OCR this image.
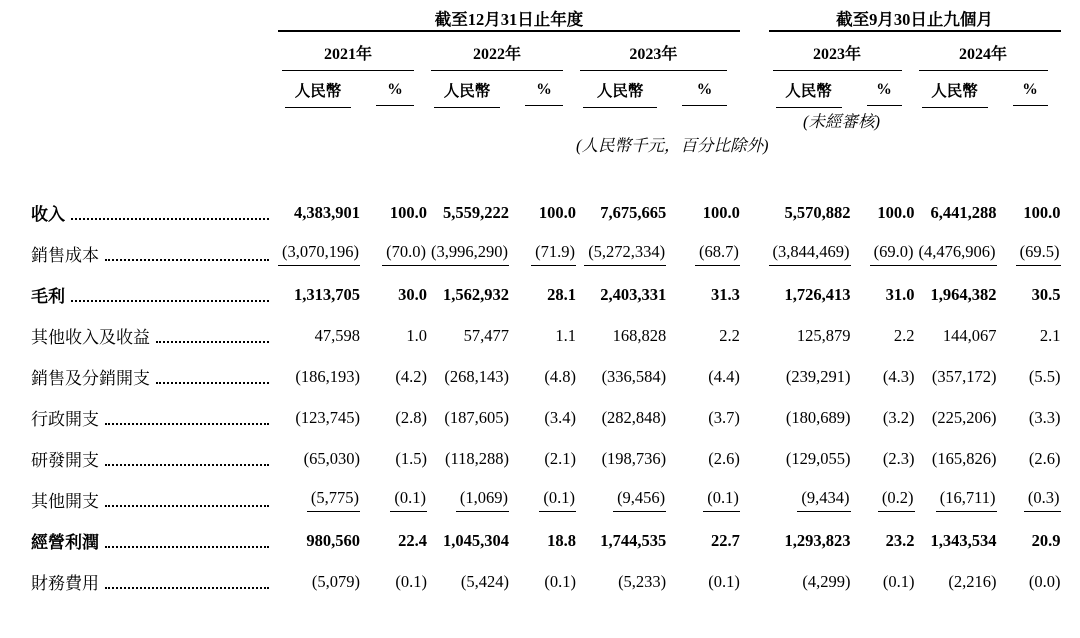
	截至12月31日止年度							截至9月30日止九個月			

	2021年		2022年		2023年			2023年		2024年	

	人民幣	%	人民幣	%	人民幣	%		人民幣	%	人民幣	%

								(未經審核)			
					(人民幣千元，百分比除外)						

收入	4,383,901	100.0	5,559,222	100.0	7,675,665	100.0		5,570,882	100.0	6,441,288	100.0

銷售成本	(3,070,196)	(70.0)	(3,996,290)	(71.9)	(5,272,334)	(68.7)		(3,844,469)	(69.0)	(4,476,906)	(69.5)

毛利	1,313,705	30.0	1,562,932	28.1	2,403,331	31.3		1,726,413	31.0	1,964,382	30.5

其他收入及收益	47,598	1.0	57,477	1.1	168,828	2.2		125,879	2.2	144,067	2.1

銷售及分銷開支	(186,193)	(4.2)	(268,143)	(4.8)	(336,584)	(4.4)		(239,291)	(4.3)	(357,172)	(5.5)

行政開支	(123,745)	(2.8)	(187,605)	(3.4)	(282,848)	(3.7)		(180,689)	(3.2)	(225,206)	(3.3)

研發開支	(65,030)	(1.5)	(118,288)	(2.1)	(198,736)	(2.6)		(129,055)	(2.3)	(165,826)	(2.6)

其他開支	(5,775)	(0.1)	(1,069)	(0.1)	(9,456)	(0.1)		(9,434)	(0.2)	(16,711)	(0.3)

經營利潤	980,560	22.4	1,045,304	18.8	1,744,535	22.7		1,293,823	23.2	1,343,534	20.9

財務費用	(5,079)	(0.1)	(5,424)	(0.1)	(5,233)	(0.1)		(4,299)	(0.1)	(2,216)	(0.0)
